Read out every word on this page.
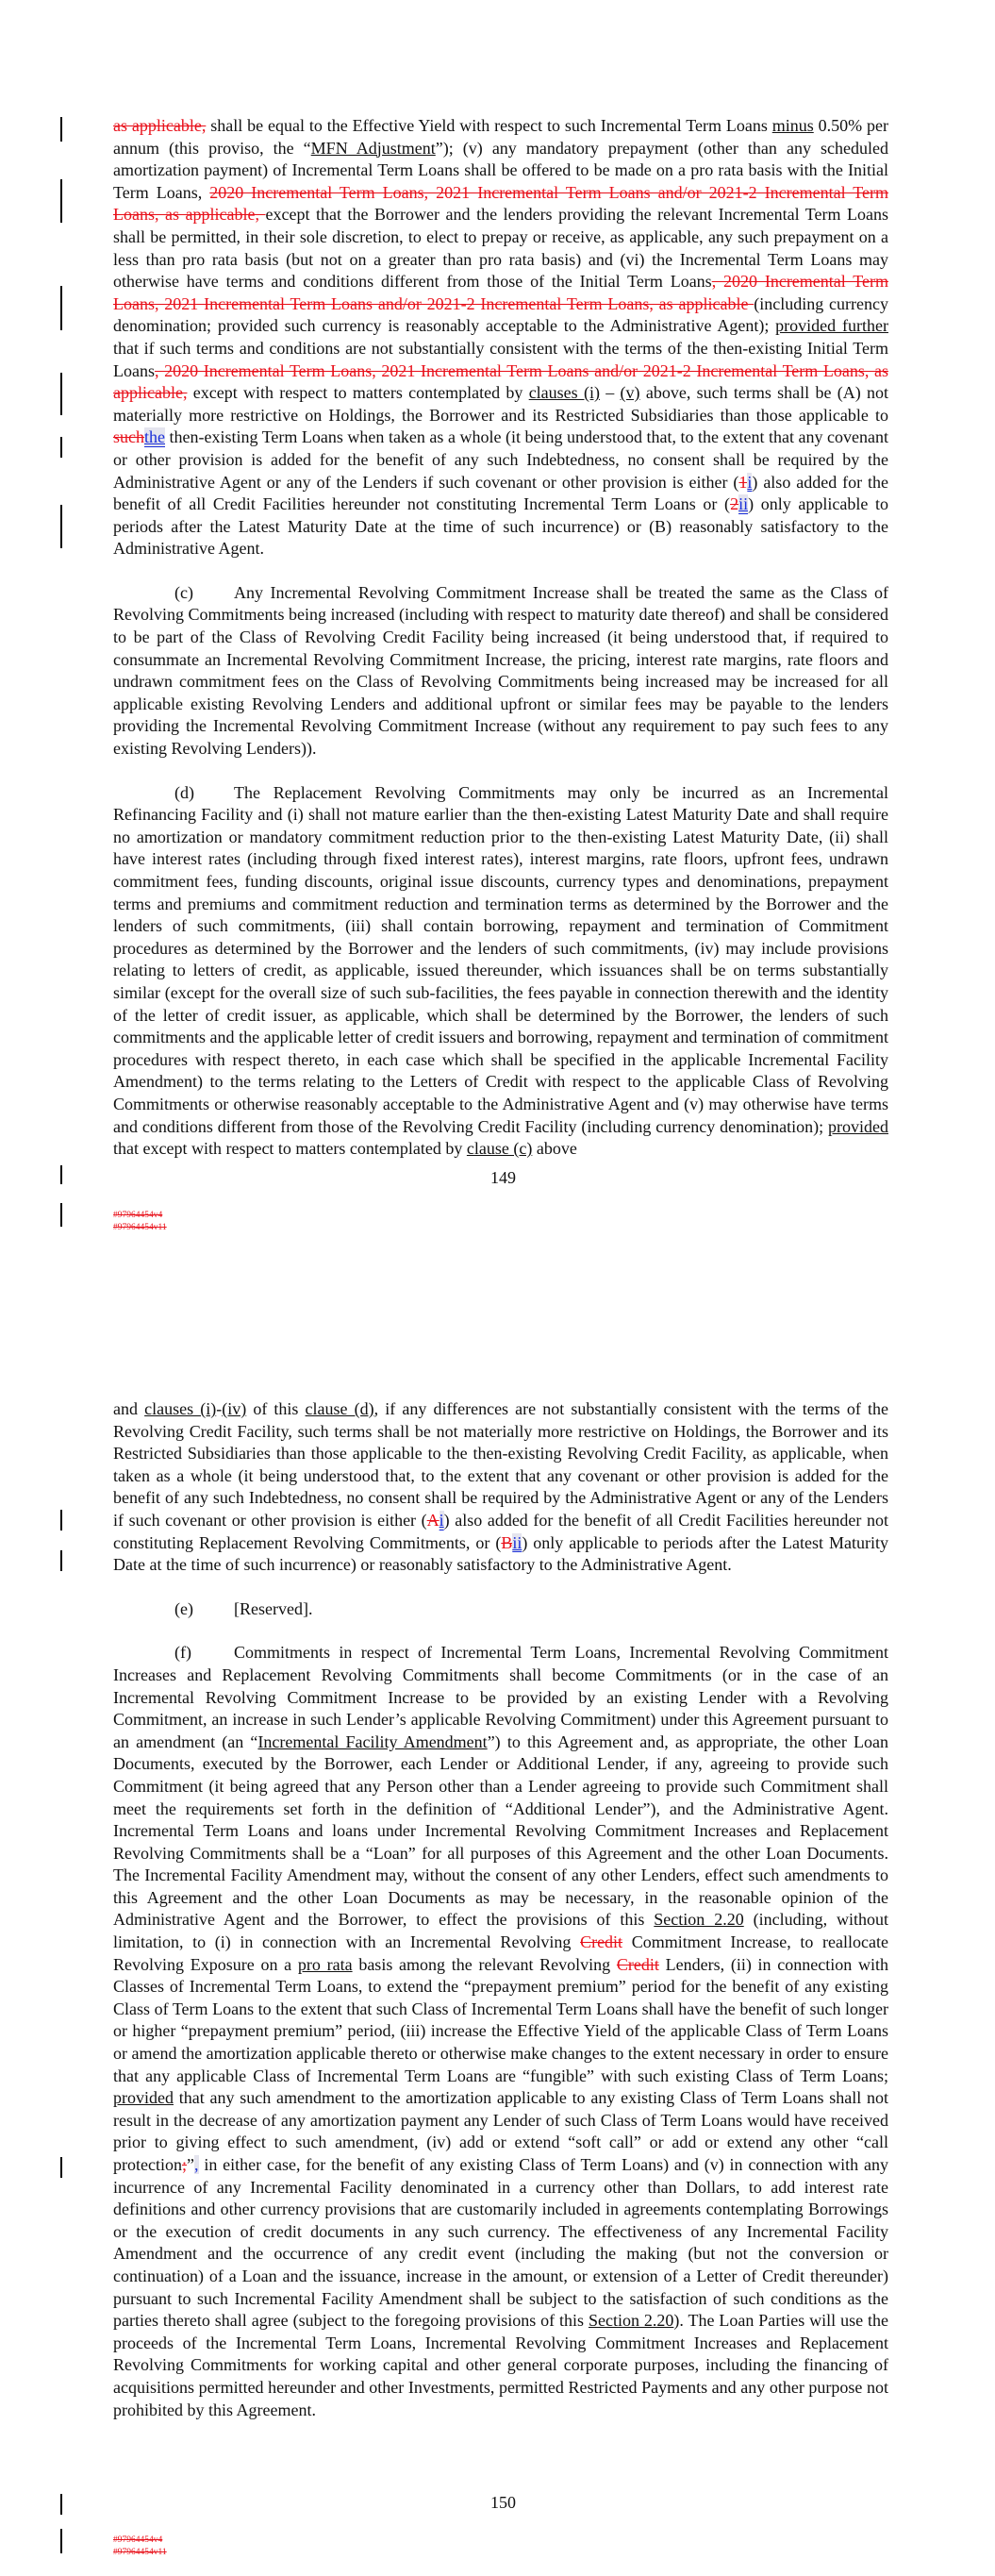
as applicable, shall be equal to the Effective Yield with respect to such Incremental Term Loans minus 0.50% per annum (this proviso, the “MFN Adjustment”); (v) any mandatory prepayment (other than any scheduled amortization payment) of Incremental Term Loans shall be offered to be made on a pro rata basis with the Initial Term Loans, 2020 Incremental Term Loans, 2021 Incremental Term Loans and/or 2021-2 Incremental Term Loans, as applicable, except that the Borrower and the lenders providing the relevant Incremental Term Loans shall be permitted, in their sole discretion, to elect to prepay or receive, as applicable, any such prepayment on a less than pro rata basis (but not on a greater than pro rata basis) and (vi) the Incremental Term Loans may otherwise have terms and conditions different from those of the Initial Term Loans, 2020 Incremental Term Loans, 2021 Incremental Term Loans and/or 2021-2 Incremental Term Loans, as applicable (including currency denomination; provided such currency is reasonably acceptable to the Administrative Agent); provided further that if such terms and conditions are not substantially consistent with the terms of the then-existing Initial Term Loans, 2020 Incremental Term Loans, 2021 Incremental Term Loans and/or 2021-2 Incremental Term Loans, as applicable, except with respect to matters contemplated by clauses (i) – (v) above, such terms shall be (A) not materially more restrictive on Holdings, the Borrower and its Restricted Subsidiaries than those applicable to suchthe then-existing Term Loans when taken as a whole (it being understood that, to the extent that any covenant or other provision is added for the benefit of any such Indebtedness, no consent shall be required by the Administrative Agent or any of the Lenders if such covenant or other provision is either (1i) also added for the benefit of all Credit Facilities hereunder not constituting Incremental Term Loans or (2ii) only applicable to periods after the Latest Maturity Date at the time of such incurrence) or (B) reasonably satisfactory to the Administrative Agent.

(c) Any Incremental Revolving Commitment Increase shall be treated the same as the Class of Revolving Commitments being increased (including with respect to maturity date thereof) and shall be considered to be part of the Class of Revolving Credit Facility being increased (it being understood that, if required to consummate an Incremental Revolving Commitment Increase, the pricing, interest rate margins, rate floors and undrawn commitment fees on the Class of Revolving Commitments being increased may be increased for all applicable existing Revolving Lenders and additional upfront or similar fees may be payable to the lenders providing the Incremental Revolving Commitment Increase (without any requirement to pay such fees to any existing Revolving Lenders)).

(d) The Replacement Revolving Commitments may only be incurred as an Incremental Refinancing Facility and (i) shall not mature earlier than the then-existing Latest Maturity Date and shall require no amortization or mandatory commitment reduction prior to the then-existing Latest Maturity Date, (ii) shall have interest rates (including through fixed interest rates), interest margins, rate floors, upfront fees, undrawn commitment fees, funding discounts, original issue discounts, currency types and denominations, prepayment terms and premiums and commitment reduction and termination terms as determined by the Borrower and the lenders of such commitments, (iii) shall contain borrowing, repayment and termination of Commitment procedures as determined by the Borrower and the lenders of such commitments, (iv) may include provisions relating to letters of credit, as applicable, issued thereunder, which issuances shall be on terms substantially similar (except for the overall size of such sub-facilities, the fees payable in connection therewith and the identity of the letter of credit issuer, as applicable, which shall be determined by the Borrower, the lenders of such commitments and the applicable letter of credit issuers and borrowing, repayment and termination of commitment procedures with respect thereto, in each case which shall be specified in the applicable Incremental Facility Amendment) to the terms relating to the Letters of Credit with respect to the applicable Class of Revolving Commitments or otherwise reasonably acceptable to the Administrative Agent and (v) may otherwise have terms and conditions different from those of the Revolving Credit Facility (including currency denomination); provided that except with respect to matters contemplated by clause (c) above

149
#97964454v4
#97964454v11

and clauses (i)-(iv) of this clause (d), if any differences are not substantially consistent with the terms of the Revolving Credit Facility, such terms shall be not materially more restrictive on Holdings, the Borrower and its Restricted Subsidiaries than those applicable to the then-existing Revolving Credit Facility, as applicable, when taken as a whole (it being understood that, to the extent that any covenant or other provision is added for the benefit of any such Indebtedness, no consent shall be required by the Administrative Agent or any of the Lenders if such covenant or other provision is either (Ai) also added for the benefit of all Credit Facilities hereunder not constituting Replacement Revolving Commitments, or (Bii) only applicable to periods after the Latest Maturity Date at the time of such incurrence) or reasonably satisfactory to the Administrative Agent.

(e) [Reserved].

(f)	Commitments in respect of Incremental Term Loans, Incremental Revolving Commitment Increases and Replacement Revolving Commitments shall become Commitments (or in the case of an Incremental Revolving Commitment Increase to be provided by an existing Lender with a Revolving Commitment, an increase in such Lender’s applicable Revolving Commitment) under this Agreement pursuant to an amendment (an “Incremental Facility Amendment”) to this Agreement and, as appropriate, the other Loan Documents, executed by the Borrower, each Lender or Additional Lender, if any, agreeing to provide such Commitment (it being agreed that any Person other than a Lender agreeing to provide such Commitment shall meet the requirements set forth in the definition of “Additional Lender”), and the Administrative Agent. Incremental Term Loans and loans under Incremental Revolving Commitment Increases and Replacement Revolving Commitments shall be a “Loan” for all purposes of this Agreement and the other Loan Documents. The Incremental Facility Amendment may, without the consent of any other Lenders, effect such amendments to this Agreement and the other Loan Documents as may be necessary, in the reasonable opinion of the Administrative Agent and the Borrower, to effect the provisions of this Section 2.20 (including, without limitation, to (i) in connection with an Incremental Revolving Credit Commitment Increase, to reallocate Revolving Exposure on a pro rata basis among the relevant Revolving Credit Lenders, (ii) in connection with Classes of Incremental Term Loans, to extend the “prepayment premium” period for the benefit of any existing Class of Term Loans to the extent that such Class of Incremental Term Loans shall have the benefit of such longer or higher “prepayment premium” period, (iii) increase the Effective Yield of the applicable Class of Term Loans or amend the amortization applicable thereto or otherwise make changes to the extent necessary in order to ensure that any applicable Class of Incremental Term Loans are “fungible” with such existing Class of Term Loans; provided that any such amendment to the amortization applicable to any existing Class of Term Loans shall not result in the decrease of any amortization payment any Lender of such Class of Term Loans would have received prior to giving effect to such amendment, (iv) add or extend “soft call” or add or extend any other “call protection;”, in either case, for the benefit of any existing Class of Term Loans) and (v) in connection with any incurrence of any Incremental Facility denominated in a currency other than Dollars, to add interest rate definitions and other currency provisions that are customarily included in agreements contemplating Borrowings or the execution of credit documents in any such currency. The effectiveness of any Incremental Facility Amendment and the occurrence of any credit event (including the making (but not the conversion or continuation) of a Loan and the issuance, increase in the amount, or extension of a Letter of Credit thereunder) pursuant to such Incremental Facility Amendment shall be subject to the satisfaction of such conditions as the parties thereto shall agree (subject to the foregoing provisions of this Section 2.20). The Loan Parties will use the proceeds of the Incremental Term Loans, Incremental Revolving Commitment Increases and Replacement Revolving Commitments for working capital and other general corporate purposes, including the financing of acquisitions permitted hereunder and other Investments, permitted Restricted Payments and any other purpose not prohibited by this Agreement.

150
#97964454v4
#97964454v11
